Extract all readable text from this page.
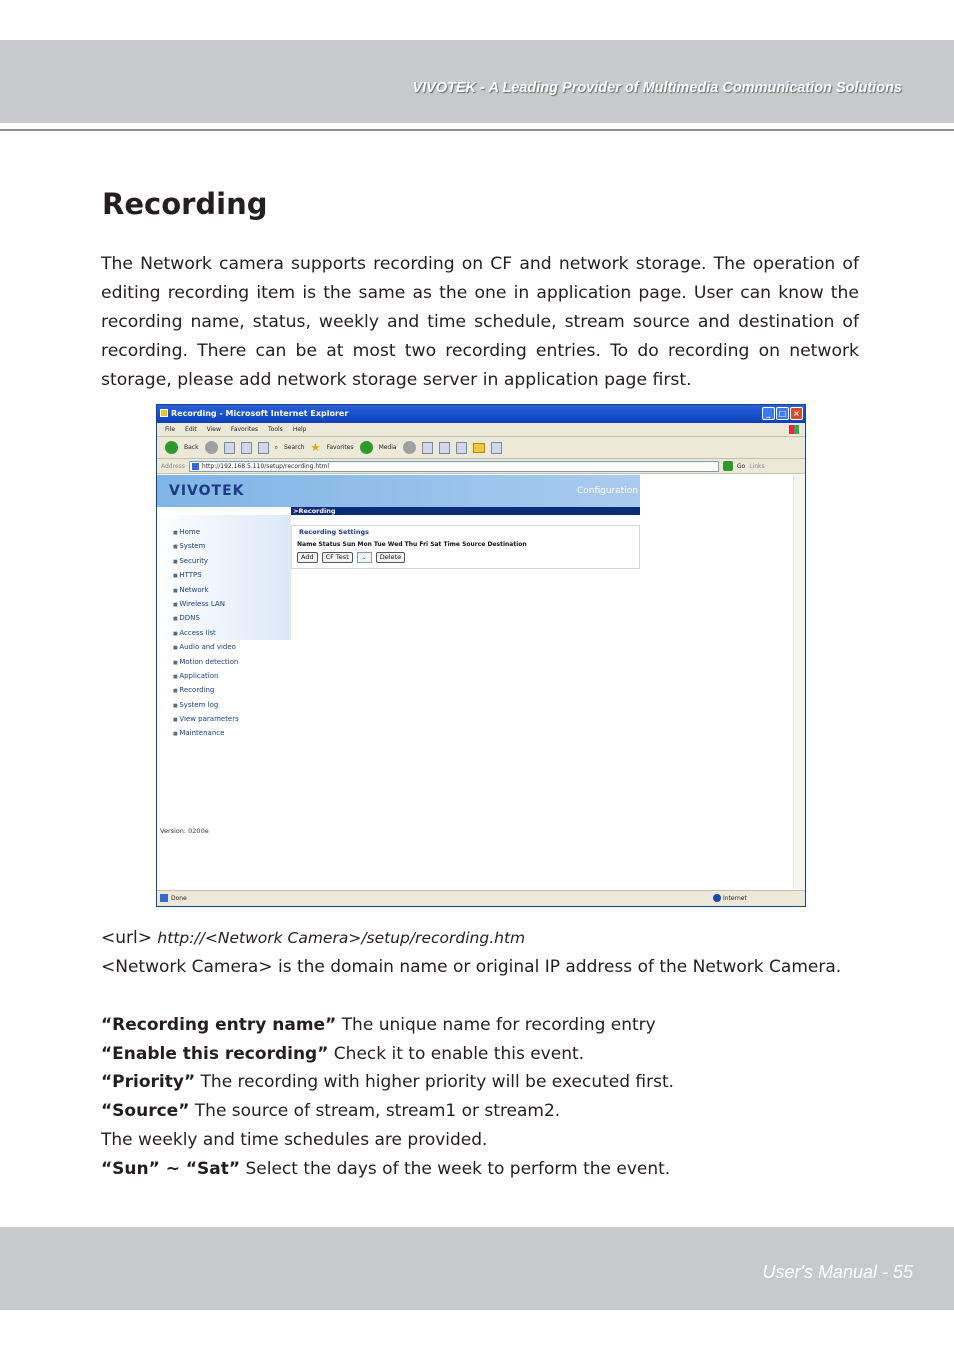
VIVOTEK - A Leading Provider of Multimedia Communication Solutions
Recording

The Network camera supports recording on CF and network storage. The operation of editing recording item is the same as the one in application page. User can know the recording name, status, weekly and time schedule, stream source and destination of recording. There can be at most two recording entries. To do recording on network storage, please add network storage server in application page first.

Recording - Microsoft Internet Explorer	_	□ ×
File Edit View Favorites Tools Help
Back	⌕ Search ★ Favorites	Media
Address	http://192.168.5.110/setup/recording.html	Go Links
VIVOTEK	Configuration
>Recording
■ Home
■ System
■ Security
■ HTTPS
■ Network
■ Wireless LAN
■ DDNS
■ Access list
■ Audio and video
■ Motion detection
■ Application
■ Recording
■ System log
■ View parameters
■ Maintenance
Version: 0200e
Recording Settings
Name Status Sun Mon Tue Wed Thu Fri Sat Time Source Destination
Add	CF Test	⌄	Delete
Done	Internet
<url> http://<Network Camera>/setup/recording.htm
<Network Camera> is the domain name or original IP address of the Network Camera.
“Recording entry name” The unique name for recording entry
“Enable this recording” Check it to enable this event.
“Priority” The recording with higher priority will be executed first.
“Source” The source of stream, stream1 or stream2.
The weekly and time schedules are provided.
“Sun” ~ “Sat” Select the days of the week to perform the event.
User's Manual - 55
